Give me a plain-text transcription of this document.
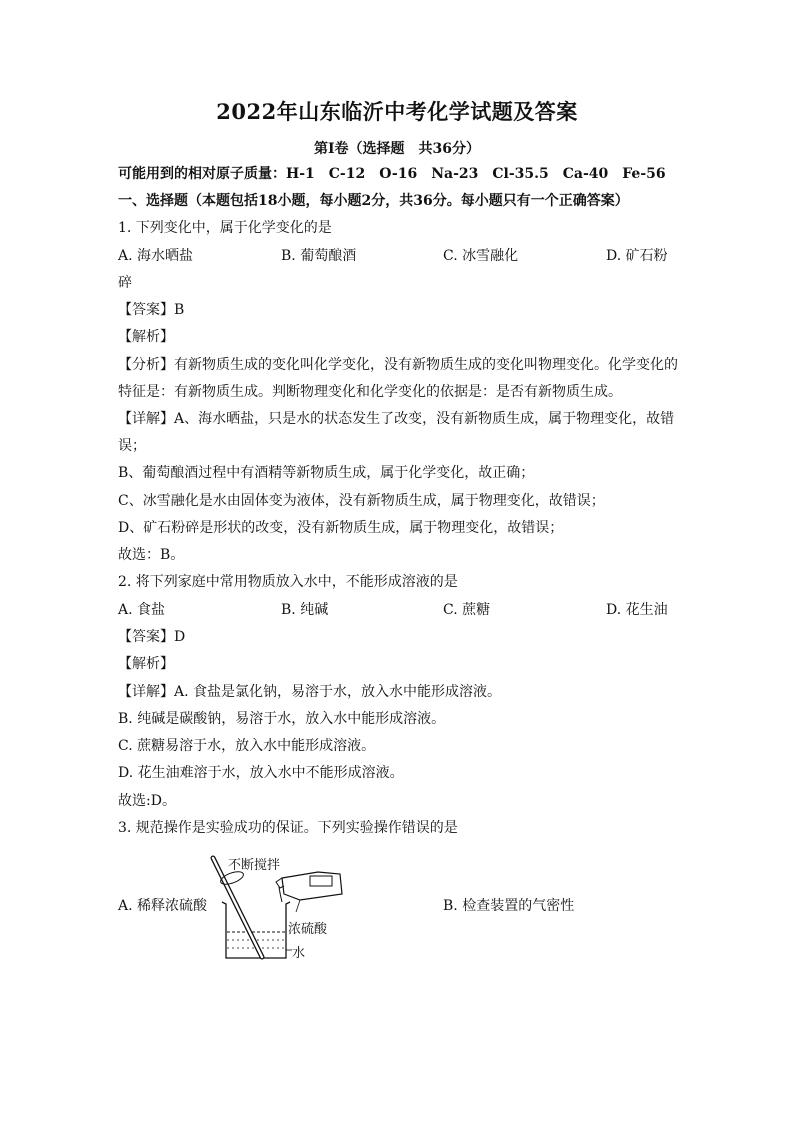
2022年山东临沂中考化学试题及答案
第Ⅰ卷（选择题　共36分）
可能用到的相对原子质量：H-1　C-12　O-16　Na-23　Cl-35.5　Ca-40　Fe-56
一、选择题（本题包括18小题，每小题2分，共36分。每小题只有一个正确答案）
1. 下列变化中，属于化学变化的是
A. 海水晒盐	B. 葡萄酿酒	C. 冰雪融化	D. 矿石粉
碎
【答案】B
【解析】
【分析】有新物质生成的变化叫化学变化，没有新物质生成的变化叫物理变化。化学变化的
特征是：有新物质生成。判断物理变化和化学变化的依据是：是否有新物质生成。
【详解】A、海水晒盐，只是水的状态发生了改变，没有新物质生成，属于物理变化，故错
误；
B、葡萄酿酒过程中有酒精等新物质生成，属于化学变化，故正确；
C、冰雪融化是水由固体变为液体，没有新物质生成，属于物理变化，故错误；
D、矿石粉碎是形状的改变，没有新物质生成，属于物理变化，故错误；
故选：B。
2. 将下列家庭中常用物质放入水中，不能形成溶液的是
A. 食盐	B. 纯碱	C. 蔗糖	D. 花生油
【答案】D
【解析】
【详解】A. 食盐是氯化钠，易溶于水，放入水中能形成溶液。
B. 纯碱是碳酸钠，易溶于水，放入水中能形成溶液。
C. 蔗糖易溶于水，放入水中能形成溶液。
D. 花生油难溶于水，放入水中不能形成溶液。
故选:D。
3. 规范操作是实验成功的保证。下列实验操作错误的是
A. 稀释浓硫酸	B. 检查装置的气密性
不断搅拌
浓硫酸
水
